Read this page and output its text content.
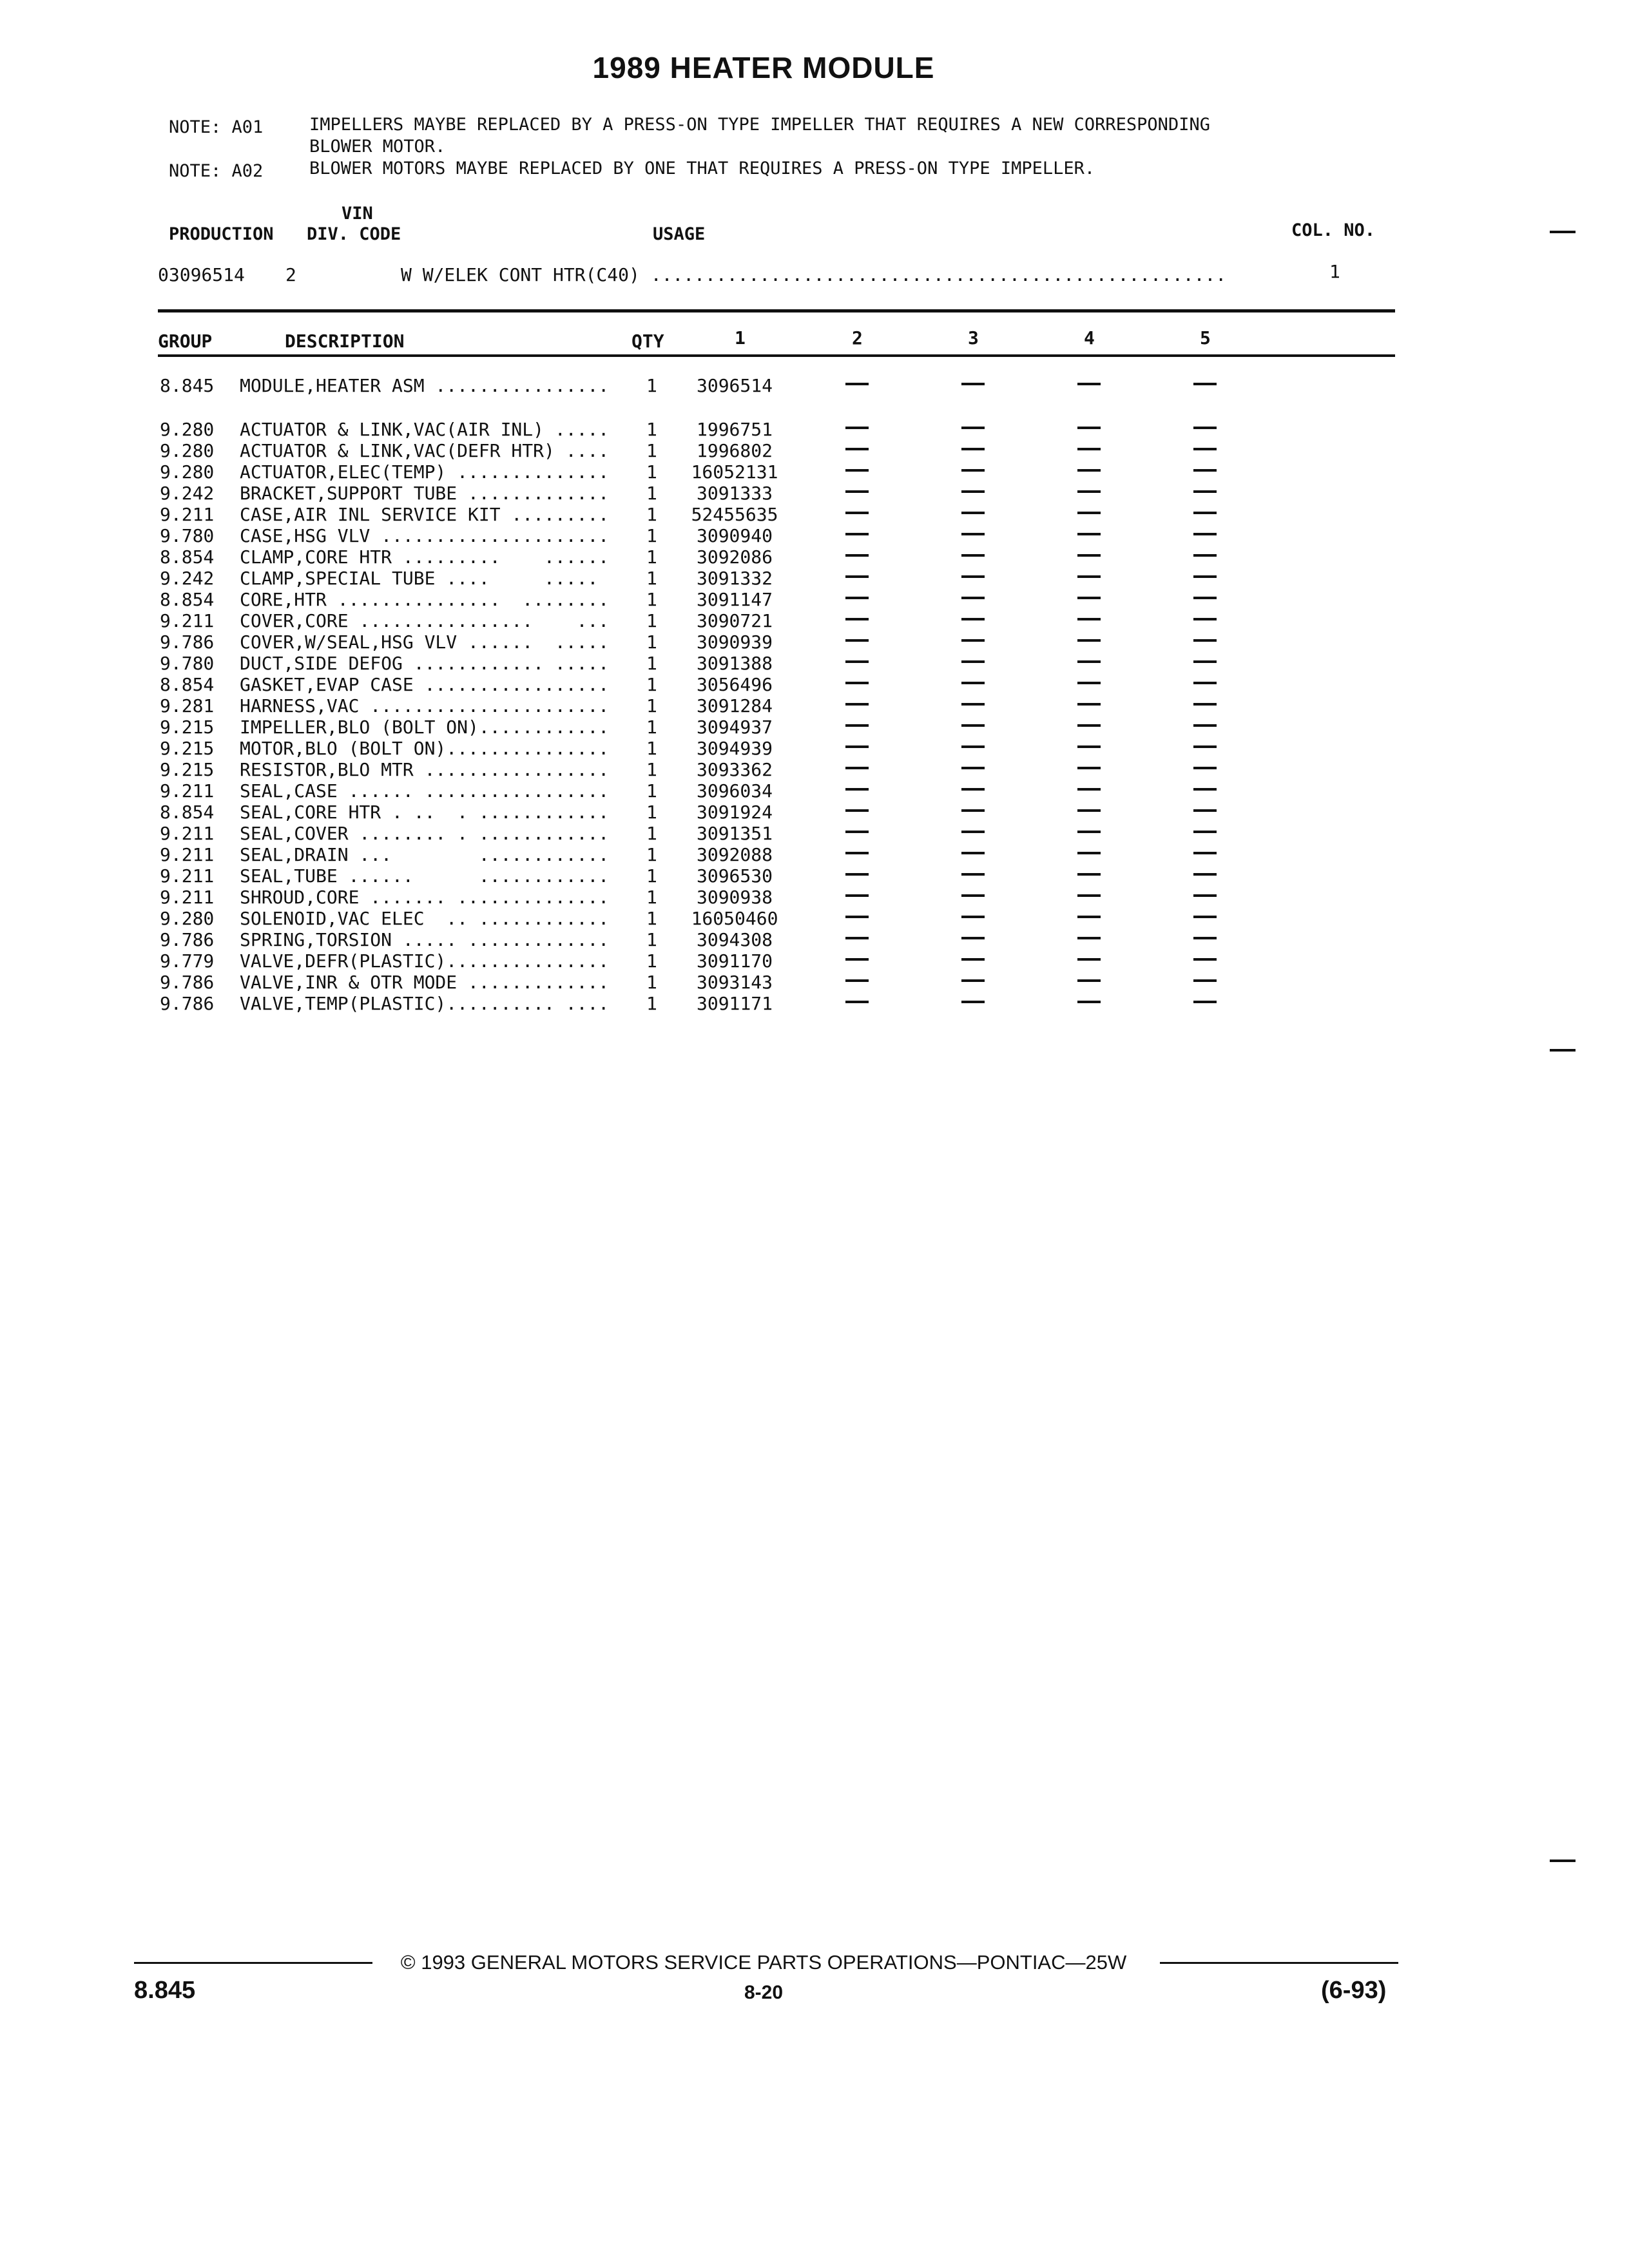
1989 HEATER MODULE
NOTE: A01	IMPELLERS MAYBE REPLACED BY A PRESS-ON TYPE IMPELLER THAT REQUIRES A NEW CORRESPONDING
BLOWER MOTOR.
NOTE: A02	BLOWER MOTORS MAYBE REPLACED BY ONE THAT REQUIRES A PRESS-ON TYPE IMPELLER.
VIN
PRODUCTION DIV. CODE	USAGE	COL. NO.
03096514 2	W W/ELEK CONT HTR(C40) .....................................................	1
GROUP	DESCRIPTION	QTY	1	2	3	4	5
8.845 MODULE,HEATER ASM ................ 1	3096514
9.280 ACTUATOR & LINK,VAC(AIR INL) ..... 1	1996751
9.280 ACTUATOR & LINK,VAC(DEFR HTR) .... 1	1996802
9.280 ACTUATOR,ELEC(TEMP) .............. 1	16052131
9.242 BRACKET,SUPPORT TUBE ............. 1	3091333
9.211 CASE,AIR INL SERVICE KIT ......... 1	52455635
9.780 CASE,HSG VLV ..................... 1	3090940
8.854 CLAMP,CORE HTR .........    ...... 1	3092086
9.242 CLAMP,SPECIAL TUBE ....     .....	1	3091332
8.854 CORE,HTR ...............  ........ 1	3091147
9.211 COVER,CORE ................    ... 1	3090721
9.786 COVER,W/SEAL,HSG VLV ......  ..... 1	3090939
9.780 DUCT,SIDE DEFOG ............ ..... 1	3091388
8.854 GASKET,EVAP CASE ................. 1	3056496
9.281 HARNESS,VAC ...................... 1	3091284
9.215 IMPELLER,BLO (BOLT ON)............ 1	3094937
9.215 MOTOR,BLO (BOLT ON)............... 1	3094939
9.215 RESISTOR,BLO MTR ................. 1	3093362
9.211 SEAL,CASE ...... ................. 1	3096034
8.854 SEAL,CORE HTR . ..  . ............ 1	3091924
9.211 SEAL,COVER ........ . ............ 1	3091351
9.211 SEAL,DRAIN ...        ............ 1	3092088
9.211 SEAL,TUBE ......      ............ 1	3096530
9.211 SHROUD,CORE ....... .............. 1	3090938
9.280 SOLENOID,VAC ELEC  .. ............ 1	16050460
9.786 SPRING,TORSION ..... ............. 1	3094308
9.779 VALVE,DEFR(PLASTIC)............... 1	3091170
9.786 VALVE,INR & OTR MODE ............. 1	3093143
9.786 VALVE,TEMP(PLASTIC).......... .... 1	3091171
© 1993 GENERAL MOTORS SERVICE PARTS OPERATIONS—PONTIAC—25W
8.845	8-20	(6-93)
